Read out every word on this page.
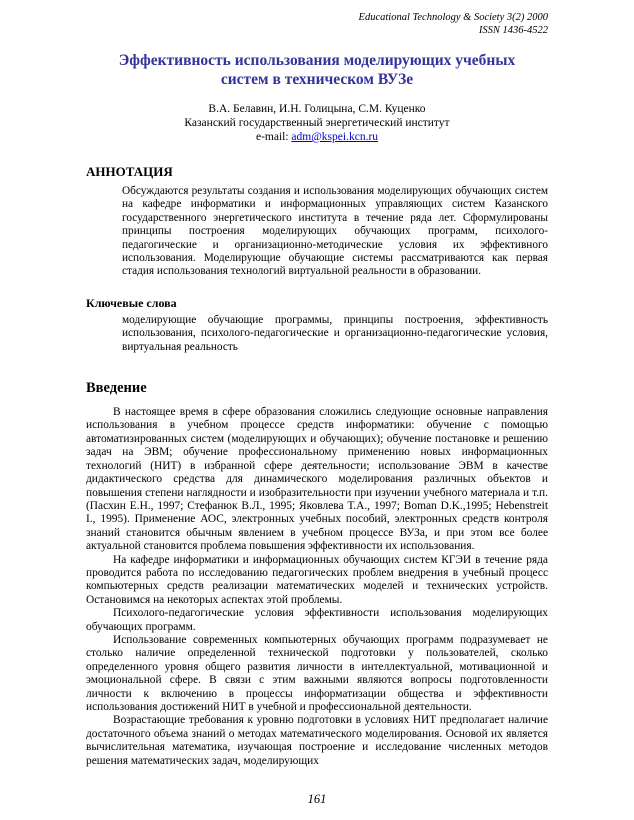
Educational Technology & Society 3(2) 2000
ISSN 1436-4522
Эффективность использования моделирующих учебных систем в техническом ВУЗе
В.А. Белавин, И.Н. Голицына, С.М. Куценко
Казанский государственный энергетический институт
e-mail: adm@kspei.kcn.ru
АННОТАЦИЯ

Обсуждаются результаты создания и использования моделирующих обучающих систем на кафедре информатики и информационных управляющих систем Казанского государственного энергетического института в течение ряда лет. Сформулированы принципы построения моделирующих обучающих программ, психолого-педагогические и организационно-методические условия их эффективного использования. Моделирующие обучающие системы рассматриваются как первая стадия использования технологий виртуальной реальности в образовании.

Ключевые слова

моделирующие обучающие программы, принципы построения, эффективность использования, психолого-педагогические и организационно-педагогические условия, виртуальная реальность

Введение

В настоящее время в сфере образования сложились следующие основные направления использования в учебном процессе средств информатики: обучение с помощью автоматизированных систем (моделирующих и обучающих); обучение постановке и решению задач на ЭВМ; обучение профессиональному применению новых информационных технологий (НИТ) в избранной сфере деятельности; использование ЭВМ в качестве дидактического средства для динамического моделирования различных объектов и повышения степени наглядности и изобразительности при изучении учебного материала и т.п. (Пасхин Е.Н., 1997; Стефанюк В.Л., 1995; Яковлева Т.А., 1997; Boman D.K.,1995; Hebenstreit I., 1995). Применение АОС, электронных учебных пособий, электронных средств контроля знаний становится обычным явлением в учебном процессе ВУЗа, и при этом все более актуальной становится проблема повышения эффективности их использования.

На кафедре информатики и информационных обучающих систем КГЭИ в течение ряда проводится работа по исследованию педагогических проблем внедрения в учебный процесс компьютерных средств реализации математических моделей и технических устройств. Остановимся на некоторых аспектах этой проблемы.

Психолого-педагогические условия эффективности использования моделирующих обучающих программ.

Использование современных компьютерных обучающих программ подразумевает не столько наличие определенной технической подготовки у пользователей, сколько определенного уровня общего развития личности в интеллектуальной, мотивационной и эмоциональной сфере. В связи с этим важными являются вопросы подготовленности личности к включению в процессы информатизации общества и эффективности использования достижений НИТ в учебной и профессиональной деятельности.

Возрастающие требования к уровню подготовки в условиях НИТ предполагает наличие достаточного объема знаний о методах математического моделирования. Основой их является вычислительная математика, изучающая построение и исследование численных методов решения математических задач, моделирующих

161
